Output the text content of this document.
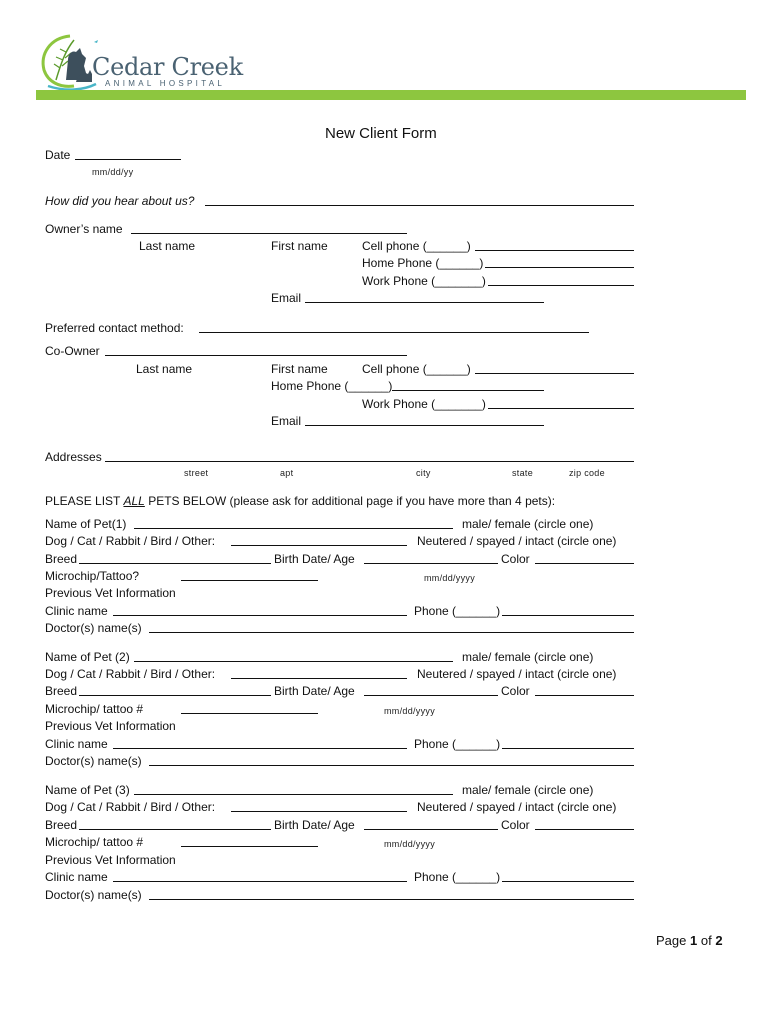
Cedar Creek
ANIMAL HOSPITAL
New Client Form
Date
mm/dd/yy
How did you hear about us?
Owner’s name
Last name	First name	Cell phone (______)
Home Phone (______)
Work Phone (_______)
Email
Preferred contact method:
Co-Owner
Last name	First name	Cell phone (______)
Home Phone (______)
Work Phone (_______)
Email
Addresses
street	apt	city	state	zip code
PLEASE LIST ALL PETS BELOW (please ask for additional page if you have more than 4 pets):
Name of Pet(1)	male/ female (circle one)
Dog / Cat / Rabbit / Bird / Other:	Neutered / spayed / intact (circle one)
Breed	Birth Date/ Age	Color
Microchip/Tattoo?	mm/dd/yyyy
Previous Vet Information
Clinic name	Phone (______)
Doctor(s) name(s)
Name of Pet (2)	male/ female (circle one)
Dog / Cat / Rabbit / Bird / Other:	Neutered / spayed / intact (circle one)
Breed	Birth Date/ Age	Color
Microchip/ tattoo #	mm/dd/yyyy
Previous Vet Information
Clinic name	Phone (______)
Doctor(s) name(s)
Name of Pet (3)	male/ female (circle one)
Dog / Cat / Rabbit / Bird / Other:	Neutered / spayed / intact (circle one)
Breed	Birth Date/ Age	Color
Microchip/ tattoo #	mm/dd/yyyy
Previous Vet Information
Clinic name	Phone (______)
Doctor(s) name(s)
Page 1 of 2
